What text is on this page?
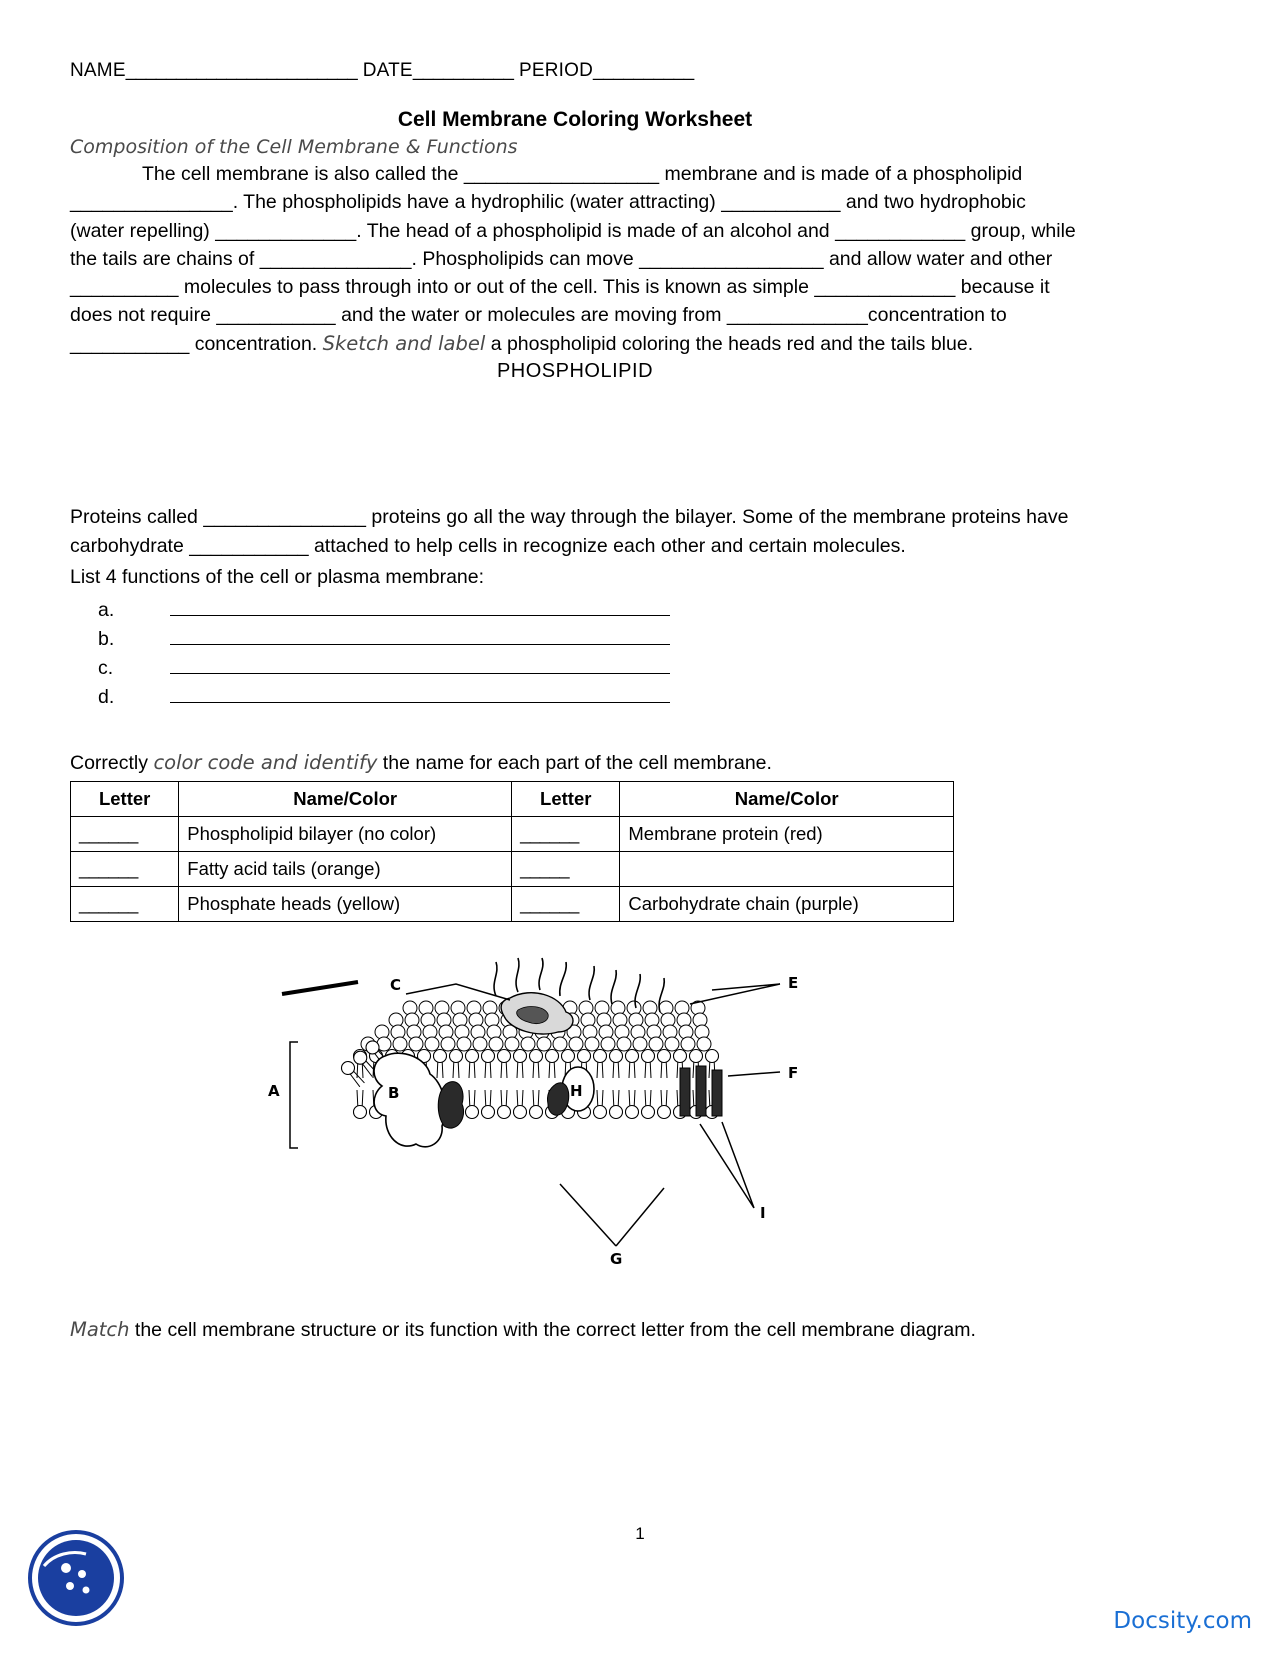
NAME_______________________ DATE__________ PERIOD__________
Cell Membrane Coloring Worksheet
Composition of the Cell Membrane & Functions

The cell membrane is also called the __________________ membrane and is made of a phospholipid _______________. The phospholipids have a hydrophilic (water attracting) ___________ and two hydrophobic (water repelling) _____________. The head of a phospholipid is made of an alcohol and ____________ group, while the tails are chains of ______________. Phospholipids can move _________________ and allow water and other __________ molecules to pass through into or out of the cell. This is known as simple _____________ because it does not require ___________ and the water or molecules are moving from _____________concentration to ___________ concentration. Sketch and label a phospholipid coloring the heads red and the tails blue.

PHOSPHOLIPID

Proteins called _______________ proteins go all the way through the bilayer. Some of the membrane proteins have carbohydrate ___________ attached to help cells in recognize each other and certain molecules.

List 4 functions of the cell or plasma membrane:

a.
b.
c.
d.
Correctly color code and identify the name for each part of the cell membrane.
Letter	Name/Color	Letter	Name/Color
______	Phospholipid bilayer (no color)	______	Membrane protein (red)
______	Fatty acid tails (orange)	_____	
______	Phosphate heads (yellow)	______	Carbohydrate chain (purple)
A	B
C	E
F
G
H
I
Match the cell membrane structure or its function with the correct letter from the cell membrane diagram.
1
Docsity.com
